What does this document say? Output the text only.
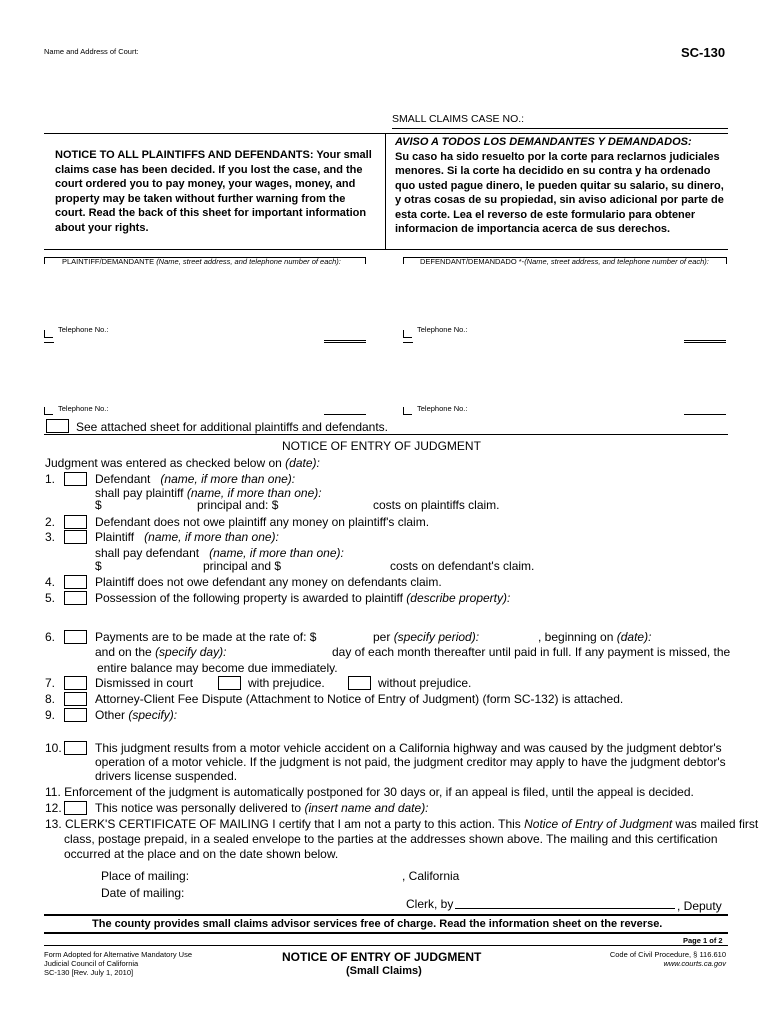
Name and Address of Court:	SC-130
SMALL CLAIMS CASE NO.:
NOTICE TO ALL PLAINTIFFS AND DEFENDANTS: Your small claims case has been decided. If you lost the case, and the court ordered you to pay money, your wages, money, and property may be taken without further warning from the court. Read the back of this sheet for important information about your rights.
AVISO A TODOS LOS DEMANDANTES Y DEMANDADOS:
Su caso ha sido resuelto por la corte para reclarnos judiciales menores. Si la corte ha decidido en su contra y ha ordenado quo usted pague dinero, le pueden quitar su salario, su dinero, y otras cosas de su propiedad, sin aviso adicional por parte de esta corte. Lea el reverso de este formulario para obtener informacion de importancia acerca de sus derechos.
PLAINTIFF/DEMANDANTE (Name, street address, and telephone number of each):	DEFENDANT/DEMANDADO *-(Name, street address, and telephone number of each):
Telephone No.:	Telephone No.:
Telephone No.:	Telephone No.:
See attached sheet for additional plaintiffs and defendants.
NOTICE OF ENTRY OF JUDGMENT
Judgment was entered as checked below on (date):
1.	Defendant (name, if more than one):
shall pay plaintiff (name, if more than one):
$	principal and: $	costs on plaintiffs claim.
2.	Defendant does not owe plaintiff any money on plaintiff's claim.
3.	Plaintiff (name, if more than one):
shall pay defendant (name, if more than one):
$	principal and $	costs on defendant's claim.
4.	Plaintiff does not owe defendant any money on defendants claim.
5.	Possession of the following property is awarded to plaintiff (describe property):
6.	Payments are to be made at the rate of: $	per (specify period):	, beginning on (date):
and on the (specify day):	day of each month thereafter until paid in full. If any payment is missed, the
entire balance may become due immediately.
7.	Dismissed in court	with prejudice.	without prejudice.
8.	Attorney-Client Fee Dispute (Attachment to Notice of Entry of Judgment) (form SC-132) is attached.
9.	Other (specify):
10.	This judgment results from a motor vehicle accident on a California highway and was caused by the judgment debtor's
operation of a motor vehicle. If the judgment is not paid, the judgment creditor may apply to have the judgment debtor's
drivers license suspended.
11. Enforcement of the judgment is automatically postponed for 30 days or, if an appeal is filed, until the appeal is decided.
12.	This notice was personally delivered to (insert name and date):
13. CLERK'S CERTIFICATE OF MAILING I certify that I am not a party to this action. This Notice of Entry of Judgment was mailed first
class, postage prepaid, in a sealed envelope to the parties at the addresses shown above. The mailing and this certification
occurred at the place and on the date shown below.
Place of mailing:	, California
Date of mailing:
Clerk, by	, Deputy
The county provides small claims advisor services free of charge. Read the information sheet on the reverse.
Page 1 of 2
Form Adopted for Alternative Mandatory Use
Judicial Council of California
SC-130 [Rev. July 1, 2010]
NOTICE OF ENTRY OF JUDGMENT
(Small Claims)
Code of Civil Procedure, § 116.610
www.courts.ca.gov
